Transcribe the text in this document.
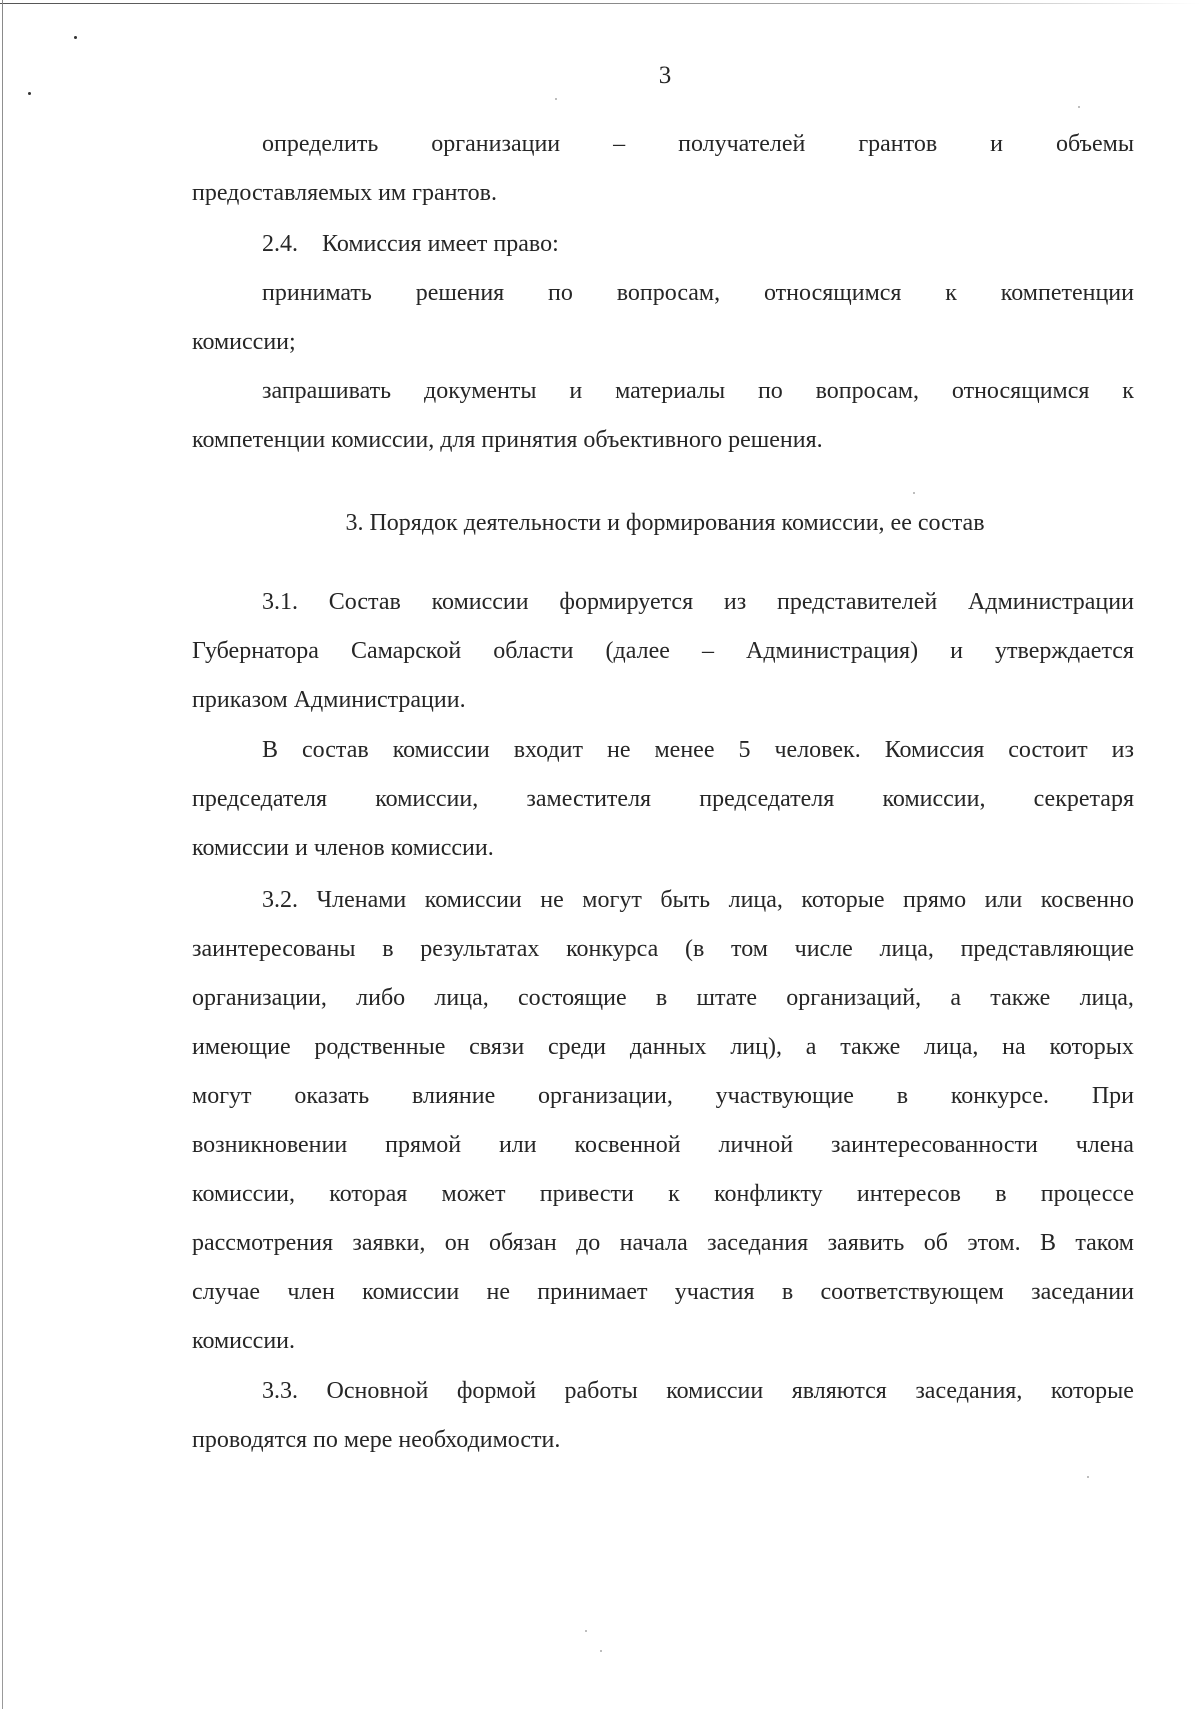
3
определить организации – получателей грантов и объемы
предоставляемых им грантов.
2.4.    Комиссия имеет право:
принимать решения по вопросам, относящимся к компетенции
комиссии;
запрашивать документы и материалы по вопросам, относящимся к
компетенции комиссии, для принятия объективного решения.
3. Порядок деятельности и формирования комиссии, ее состав
3.1. Состав комиссии формируется из представителей Администрации
Губернатора Самарской области (далее – Администрация) и утверждается
приказом Администрации.
В состав комиссии входит не менее 5 человек. Комиссия состоит из
председателя комиссии, заместителя председателя комиссии, секретаря
комиссии и членов комиссии.
3.2. Членами комиссии не могут быть лица, которые прямо или косвенно
заинтересованы в результатах конкурса (в том числе лица, представляющие
организации, либо лица, состоящие в штате организаций, а также лица,
имеющие родственные связи среди данных лиц), а также лица, на которых
могут оказать влияние организации, участвующие в конкурсе. При
возникновении прямой или косвенной личной заинтересованности члена
комиссии, которая может привести к конфликту интересов в процессе
рассмотрения заявки, он обязан до начала заседания заявить об этом. В таком
случае член комиссии не принимает участия в соответствующем заседании
комиссии.
3.3. Основной формой работы комиссии являются заседания, которые
проводятся по мере необходимости.
